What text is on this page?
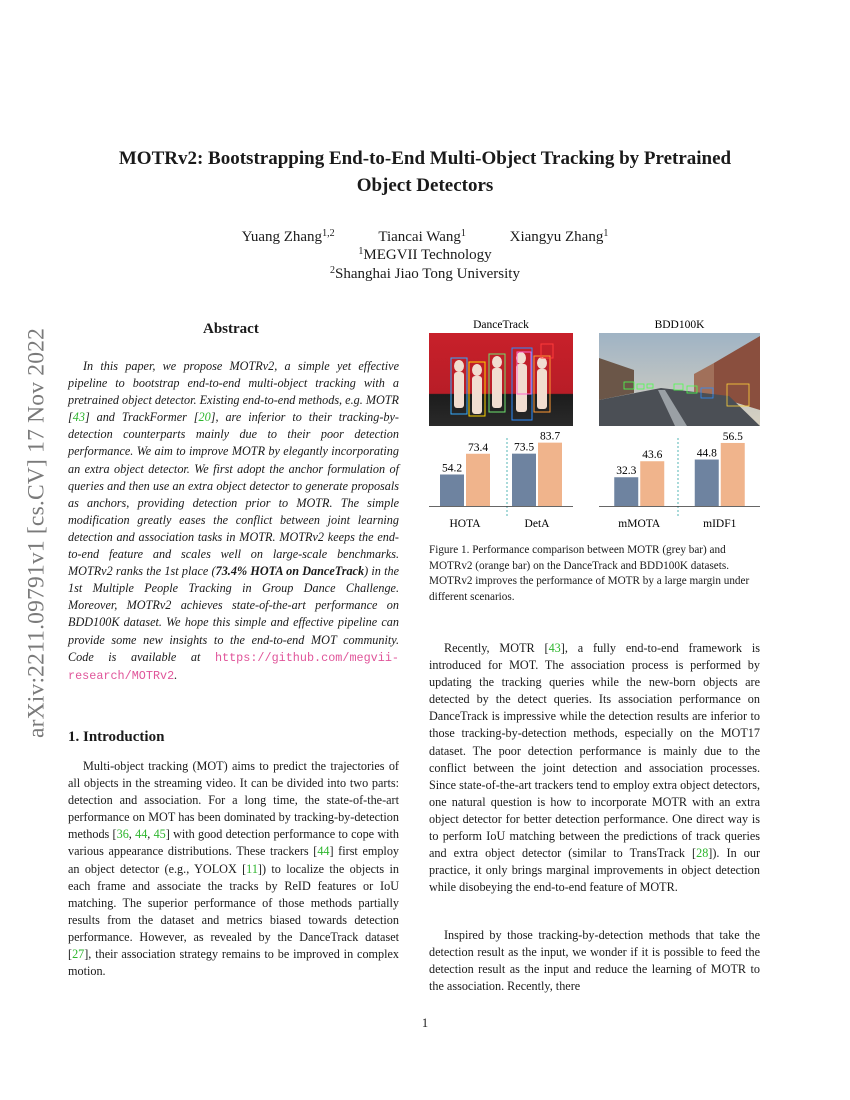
arXiv:2211.09791v1 [cs.CV] 17 Nov 2022
MOTRv2: Bootstrapping End-to-End Multi-Object Tracking by Pretrained
Object Detectors
Yuang Zhang$^{1,2}$	Tiancai Wang$^1$	Xiangyu Zhang$^1$
$^1$MEGVII Technology
$^2$Shanghai Jiao Tong University
Abstract
In this paper, we propose MOTRv2, a simple yet effective pipeline to bootstrap end-to-end multi-object tracking with a pretrained object detector. Existing end-to-end methods, e.g. MOTR [43] and TrackFormer [20], are inferior to their tracking-by-detection counterparts mainly due to their poor detection performance. We aim to improve MOTR by elegantly incorporating an extra object detector. We first adopt the anchor formulation of queries and then use an extra object detector to generate proposals as anchors, providing detection prior to MOTR. The simple modification greatly eases the conflict between joint learning detection and association tasks in MOTR. MOTRv2 keeps the end-to-end feature and scales well on large-scale benchmarks. MOTRv2 ranks the 1st place (73.4% HOTA on DanceTrack) in the 1st Multiple People Tracking in Group Dance Challenge. Moreover, MOTRv2 achieves state-of-the-art performance on BDD100K dataset. We hope this simple and effective pipeline can provide some new insights to the end-to-end MOT community. Code is available at https://github.com/megvii-research/MOTRv2.
1. Introduction
Multi-object tracking (MOT) aims to predict the trajectories of all objects in the streaming video. It can be divided into two parts: detection and association. For a long time, the state-of-the-art performance on MOT has been dominated by tracking-by-detection methods [36, 44, 45] with good detection performance to cope with various appearance distributions. These trackers [44] first employ an object detector (e.g., YOLOX [11]) to localize the objects in each frame and associate the tracks by ReID features or IoU matching. The superior performance of those methods partially results from the dataset and metrics biased towards detection performance. However, as revealed by the DanceTrack dataset [27], their association strategy remains to be improved in complex motion.
DanceTrack
54.2
73.4
HOTA
73.5
83.7
DetA
BDD100K
32.3
43.6
mMOTA
44.8
56.5
mIDF1
Figure 1. Performance comparison between MOTR (grey bar) and MOTRv2 (orange bar) on the DanceTrack and BDD100K datasets. MOTRv2 improves the performance of MOTR by a large margin under different scenarios.
Recently, MOTR [43], a fully end-to-end framework is introduced for MOT. The association process is performed by updating the tracking queries while the new-born objects are detected by the detect queries. Its association performance on DanceTrack is impressive while the detection results are inferior to those tracking-by-detection methods, especially on the MOT17 dataset. The poor detection performance is mainly due to the conflict between the joint detection and association processes. Since state-of-the-art trackers tend to employ extra object detectors, one natural question is how to incorporate MOTR with an extra object detector for better detection performance. One direct way is to perform IoU matching between the predictions of track queries and extra object detector (similar to TransTrack [28]). In our practice, it only brings marginal improvements in object detection while disobeying the end-to-end feature of MOTR.
Inspired by those tracking-by-detection methods that take the detection result as the input, we wonder if it is possible to feed the detection result as the input and reduce the learning of MOTR to the association. Recently, there
1
